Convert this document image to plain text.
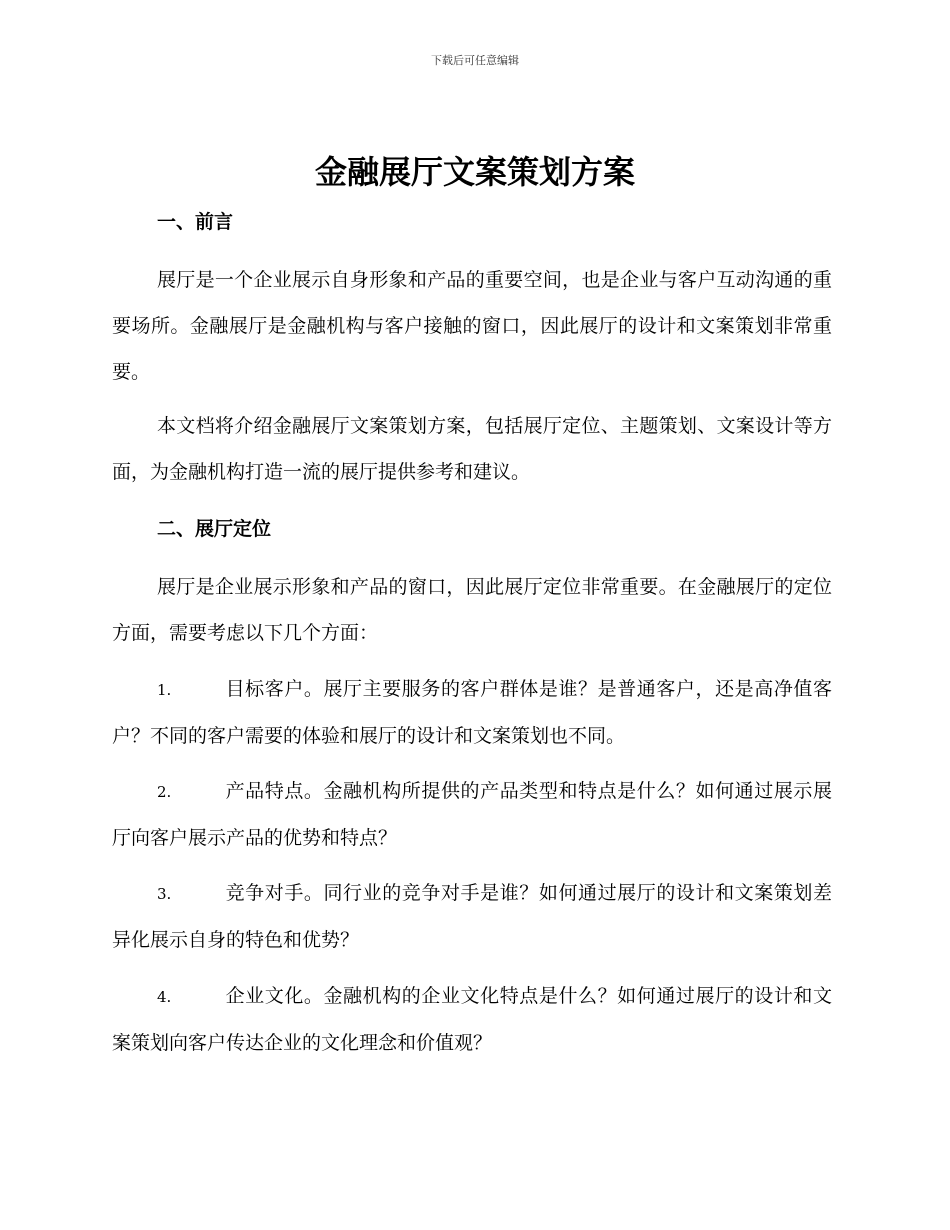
下载后可任意编辑
金融展厅文案策划方案
一、前言

展厅是一个企业展示自身形象和产品的重要空间，也是企业与客户互动沟通的重要场所。金融展厅是金融机构与客户接触的窗口，因此展厅的设计和文案策划非常重要。

本文档将介绍金融展厅文案策划方案，包括展厅定位、主题策划、文案设计等方面，为金融机构打造一流的展厅提供参考和建议。

二、展厅定位

展厅是企业展示形象和产品的窗口，因此展厅定位非常重要。在金融展厅的定位方面，需要考虑以下几个方面：

1.	目标客户。展厅主要服务的客户群体是谁？是普通客户，还是高净值客户？不同的客户需要的体验和展厅的设计和文案策划也不同。

2.	产品特点。金融机构所提供的产品类型和特点是什么？如何通过展示展厅向客户展示产品的优势和特点？

3.	竞争对手。同行业的竞争对手是谁？如何通过展厅的设计和文案策划差异化展示自身的特色和优势？

4.	企业文化。金融机构的企业文化特点是什么？如何通过展厅的设计和文案策划向客户传达企业的文化理念和价值观？
